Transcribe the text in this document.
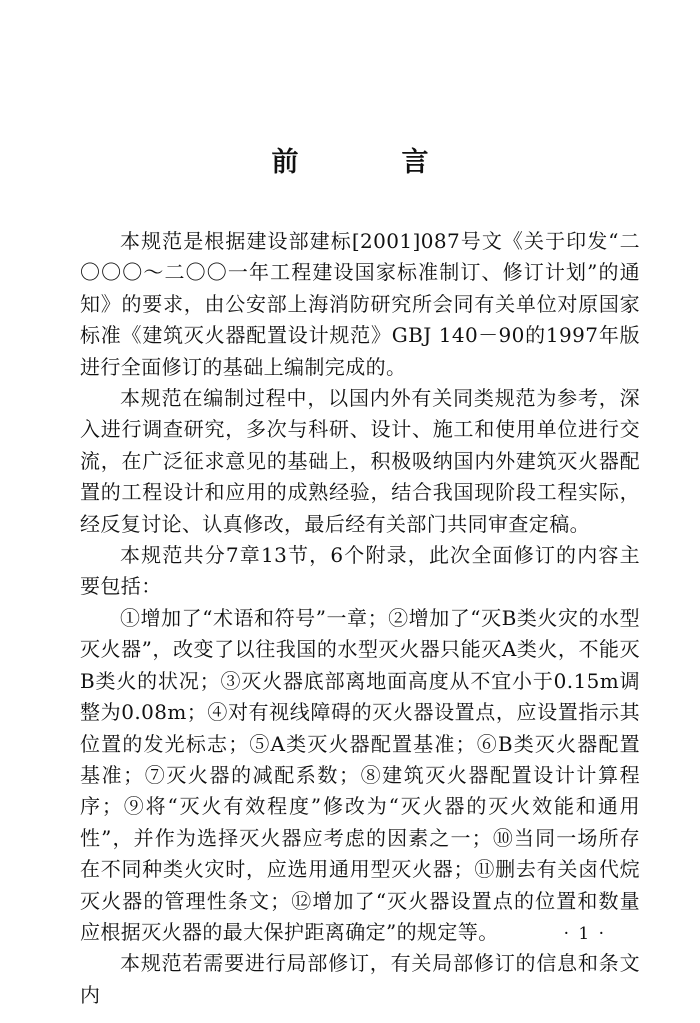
前　言

本规范是根据建设部建标[2001]087号文《关于印发“二〇〇〇～二〇〇一年工程建设国家标准制订、修订计划”的通知》的要求，由公安部上海消防研究所会同有关单位对原国家标准《建筑灭火器配置设计规范》GBJ 140－90的1997年版进行全面修订的基础上编制完成的。

本规范在编制过程中，以国内外有关同类规范为参考，深入进行调查研究，多次与科研、设计、施工和使用单位进行交流，在广泛征求意见的基础上，积极吸纳国内外建筑灭火器配置的工程设计和应用的成熟经验，结合我国现阶段工程实际，经反复讨论、认真修改，最后经有关部门共同审查定稿。

本规范共分7章13节，6个附录，此次全面修订的内容主要包括：

①增加了“术语和符号”一章；②增加了“灭B类火灾的水型灭火器”，改变了以往我国的水型灭火器只能灭A类火，不能灭B类火的状况；③灭火器底部离地面高度从不宜小于0.15m调整为0.08m；④对有视线障碍的灭火器设置点，应设置指示其位置的发光标志；⑤A类灭火器配置基准；⑥B类灭火器配置基准；⑦灭火器的减配系数；⑧建筑灭火器配置设计计算程序；⑨将“灭火有效程度”修改为“灭火器的灭火效能和通用性”，并作为选择灭火器应考虑的因素之一；⑩当同一场所存在不同种类火灾时，应选用通用型灭火器；⑪删去有关卤代烷灭火器的管理性条文；⑫增加了“灭火器设置点的位置和数量应根据灭火器的最大保护距离确定”的规定等。

本规范若需要进行局部修订，有关局部修订的信息和条文内

· 1 ·
